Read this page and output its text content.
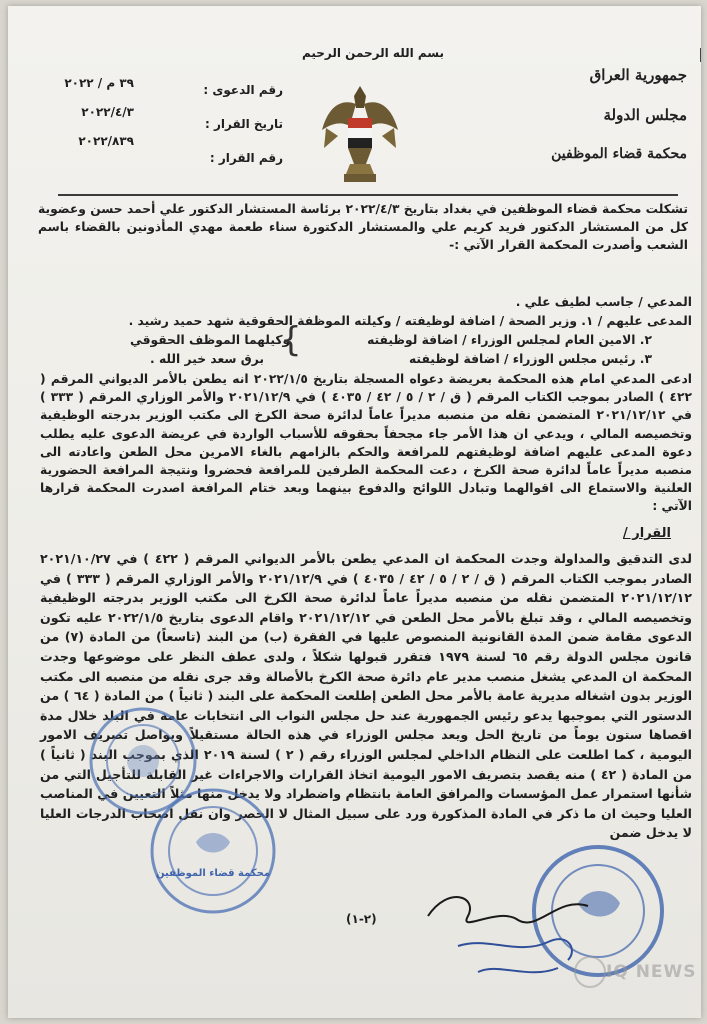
بسم الله الرحمن الرحيم
جمهورية العراق
مجلس الدولة
محكمة قضاء الموظفين
رقم الدعوى :
تاريخ القرار :
رقم القرار :
٣٩ م / ٢٠٢٢
٢٠٢٢/٤/٣
٢٠٢٢/٨٣٩
تشكلت محكمة قضاء الموظفين في بغداد بتاريخ ٢٠٢٢/٤/٣ برئاسة المستشار الدكتور علي أحمد حسن وعضوية كل من المستشار الدكتور فريد كريم علي والمستشار الدكتورة سناء طعمة مهدي المأذونين بالقضاء باسم الشعب وأصدرت المحكمة القرار الآتي :-
المدعي / جاسب لطيف علي .
المدعى عليهم / ١. وزير الصحة / اضافة لوظيفته / وكيلته الموظفة الحقوقية شهد حميد رشيد .
٢. الامين العام لمجلس الوزراء / اضافة لوظيفته
وكيلهما الموظف الحقوقي
٣. رئيس مجلس الوزراء / اضافة لوظيفته
برق سعد خير الله . {
ادعى المدعي امام هذه المحكمة بعريضة دعواه المسجلة بتاريخ ٢٠٢٢/١/٥ انه يطعن بالأمر الديواني المرقم ( ٤٢٢ ) الصادر بموجب الكتاب المرقم ( ق / ٢ / ٥ / ٤٢ / ٤٠٣٥ ) في ٢٠٢١/١٢/٩ والأمر الوزاري المرقم ( ٣٣٣ ) في ٢٠٢١/١٢/١٢ المتضمن نقله من منصبه مديراً عاماً لدائرة صحة الكرخ الى مكتب الوزير بدرجته الوظيفية وتخصيصه المالي ، ويدعي ان هذا الأمر جاء مجحفاً بحقوقه للأسباب الواردة في عريضة الدعوى عليه يطلب دعوة المدعى عليهم اضافة لوظيفتهم للمرافعة والحكم بالزامهم بالغاء الامرين محل الطعن واعادته الى منصبه مديراً عاماً لدائرة صحة الكرخ ، دعت المحكمة الطرفين للمرافعة فحضروا ونتيجة المرافعة الحضورية العلنية والاستماع الى اقوالهما وتبادل اللوائح والدفوع بينهما وبعد ختام المرافعة اصدرت المحكمة قرارها الآتي :
القرار /
لدى التدقيق والمداولة وجدت المحكمة ان المدعي يطعن بالأمر الديواني المرقم ( ٤٢٢ ) في ٢٠٢١/١٠/٢٧ الصادر بموجب الكتاب المرقم ( ق / ٢ / ٥ / ٤٢ / ٤٠٣٥ ) في ٢٠٢١/١٢/٩ والأمر الوزاري المرقم ( ٣٣٣ ) في ٢٠٢١/١٢/١٢ المتضمن نقله من منصبه مديراً عاماً لدائرة صحة الكرخ الى مكتب الوزير بدرجته الوظيفية وتخصيصه المالي ، وقد تبلغ بالأمر محل الطعن في ٢٠٢١/١٢/١٢ واقام الدعوى بتاريخ ٢٠٢٢/١/٥ عليه تكون الدعوى مقامة ضمن المدة القانونية المنصوص عليها في الفقرة (ب) من البند (تاسعاً) من المادة (٧) من قانون مجلس الدولة رقم ٦٥ لسنة ١٩٧٩ فتقرر قبولها شكلاً ، ولدى عطف النظر على موضوعها وجدت المحكمة ان المدعي يشغل منصب مدير عام دائرة صحة الكرخ بالأصالة وقد جرى نقله من منصبه الى مكتب الوزير بدون اشغاله مديرية عامة بالأمر محل الطعن إطلعت المحكمة على البند ( ثانياً ) من المادة ( ٦٤ ) من الدستور التي بموجبها يدعو رئيس الجمهورية عند حل مجلس النواب الى انتخابات عامة في البلد خلال مدة اقصاها ستون يوماً من تاريخ الحل ويعد مجلس الوزراء في هذه الحالة مستقيلاً ويواصل تصريف الامور اليومية ، كما اطلعت على النظام الداخلي لمجلس الوزراء رقم ( ٢ ) لسنة ٢٠١٩ الذي بموجب البند ( ثانياً ) من المادة ( ٤٢ ) منه يقصد بتصريف الامور اليومية اتخاذ القرارات والاجراءات غير القابلة للتأجيل التي من شأنها استمرار عمل المؤسسات والمرافق العامة بانتظام واضطراد ولا يدخل منها مثلاً التعيين في المناصب العليا وحيث ان ما ذكر في المادة المذكورة ورد على سبيل المثال لا الحصر وان نقل اصحاب الدرجات العليا لا يدخل ضمن
محكمة قضاء الموظفين
(٢-١)
IQ NEWS
